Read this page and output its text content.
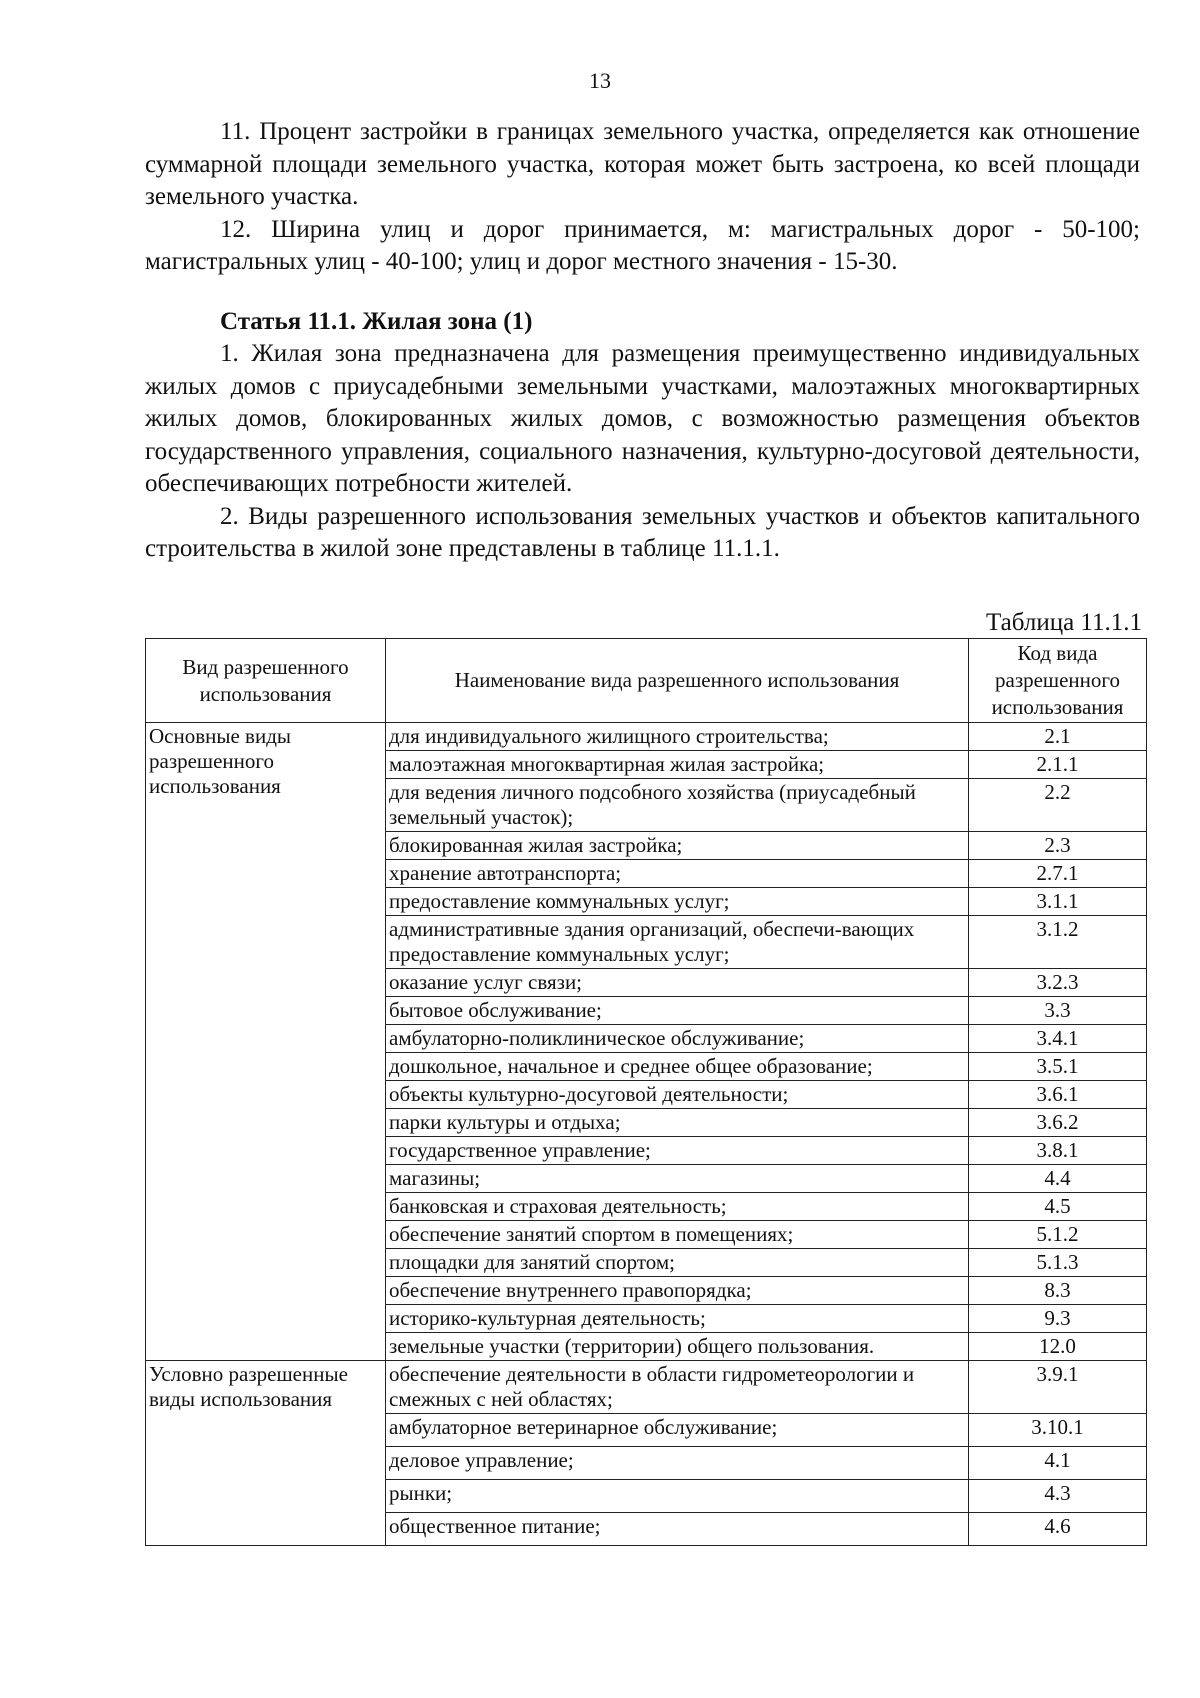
13

11. Процент застройки в границах земельного участка, определяется как отношение суммарной площади земельного участка, которая может быть застроена, ко всей площади земельного участка.

12. Ширина улиц и дорог принимается, м: магистральных дорог - 50-100; магистральных улиц - 40-100; улиц и дорог местного значения - 15-30.

Статья 11.1. Жилая зона (1)

1. Жилая зона предназначена для размещения преимущественно индивидуальных жилых домов с приусадебными земельными участками, малоэтажных многоквартирных жилых домов, блокированных жилых домов, с возможностью размещения объектов государственного управления, социального назначения, культурно-досуговой деятельности, обеспечивающих потребности жителей.

2. Виды разрешенного использования земельных участков и объектов капитального строительства в жилой зоне представлены в таблице 11.1.1.

Таблица 11.1.1
Вид разрешенного использования	Наименование вида разрешенного использования	Код вида разрешенного использования
Основные виды разрешенного использования	для индивидуального жилищного строительства;	2.1
	малоэтажная многоквартирная жилая застройка;	2.1.1
	для ведения личного подсобного хозяйства (приусадебный земельный участок);	2.2
	блокированная жилая застройка;	2.3
	хранение автотранспорта;	2.7.1
	предоставление коммунальных услуг;	3.1.1
	административные здания организаций, обеспечи-вающих предоставление коммунальных услуг;	3.1.2
	оказание услуг связи;	3.2.3
	бытовое обслуживание;	3.3
	амбулаторно-поликлиническое обслуживание;	3.4.1
	дошкольное, начальное и среднее общее образование;	3.5.1
	объекты культурно-досуговой деятельности;	3.6.1
	парки культуры и отдыха;	3.6.2
	государственное управление;	3.8.1
	магазины;	4.4
	банковская и страховая деятельность;	4.5
	обеспечение занятий спортом в помещениях;	5.1.2
	площадки для занятий спортом;	5.1.3
	обеспечение внутреннего правопорядка;	8.3
	историко-культурная деятельность;	9.3
	земельные участки (территории) общего пользования.	12.0
Условно разрешенные виды использования	обеспечение деятельности в области гидрометеорологии и смежных с ней областях;	3.9.1
	амбулаторное ветеринарное обслуживание;	3.10.1
	деловое управление;	4.1
	рынки;	4.3
	общественное питание;	4.6
